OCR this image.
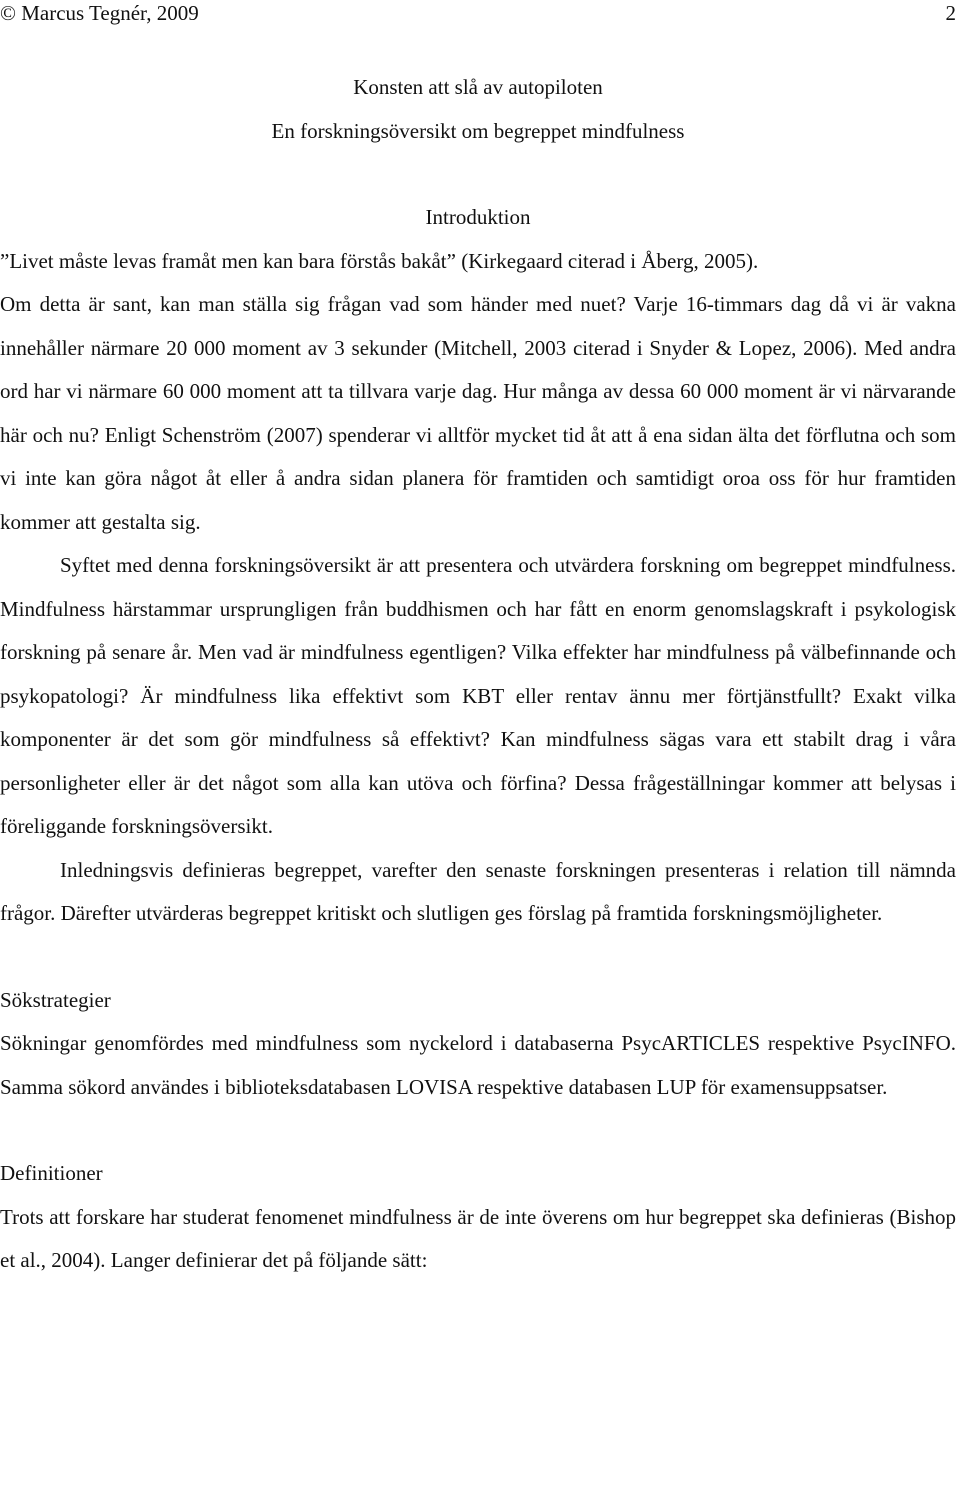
© Marcus Tegnér, 2009	2

Konsten att slå av autopiloten

En forskningsöversikt om begreppet mindfulness

Introduktion

”Livet måste levas framåt men kan bara förstås bakåt” (Kirkegaard citerad i Åberg, 2005).

Om detta är sant, kan man ställa sig frågan vad som händer med nuet? Varje 16-timmars dag då vi är vakna innehåller närmare 20 000 moment av 3 sekunder (Mitchell, 2003 citerad i Snyder & Lopez, 2006). Med andra ord har vi närmare 60 000 moment att ta tillvara varje dag. Hur många av dessa 60 000 moment är vi närvarande här och nu? Enligt Schenström (2007) spenderar vi alltför mycket tid åt att å ena sidan älta det förflutna och som vi inte kan göra något åt eller å andra sidan planera för framtiden och samtidigt oroa oss för hur framtiden kommer att gestalta sig.

Syftet med denna forskningsöversikt är att presentera och utvärdera forskning om begreppet mindfulness. Mindfulness härstammar ursprungligen från buddhismen och har fått en enorm genomslagskraft i psykologisk forskning på senare år. Men vad är mindfulness egentligen? Vilka effekter har mindfulness på välbefinnande och psykopatologi? Är mindfulness lika effektivt som KBT eller rentav ännu mer förtjänstfullt? Exakt vilka komponenter är det som gör mindfulness så effektivt? Kan mindfulness sägas vara ett stabilt drag i våra personligheter eller är det något som alla kan utöva och förfina? Dessa frågeställningar kommer att belysas i föreliggande forskningsöversikt.

Inledningsvis definieras begreppet, varefter den senaste forskningen presenteras i relation till nämnda frågor. Därefter utvärderas begreppet kritiskt och slutligen ges förslag på framtida forskningsmöjligheter.

Sökstrategier

Sökningar genomfördes med mindfulness som nyckelord i databaserna PsycARTICLES respektive PsycINFO. Samma sökord användes i biblioteksdatabasen LOVISA respektive databasen LUP för examensuppsatser.

Definitioner

Trots att forskare har studerat fenomenet mindfulness är de inte överens om hur begreppet ska definieras (Bishop et al., 2004). Langer definierar det på följande sätt:
